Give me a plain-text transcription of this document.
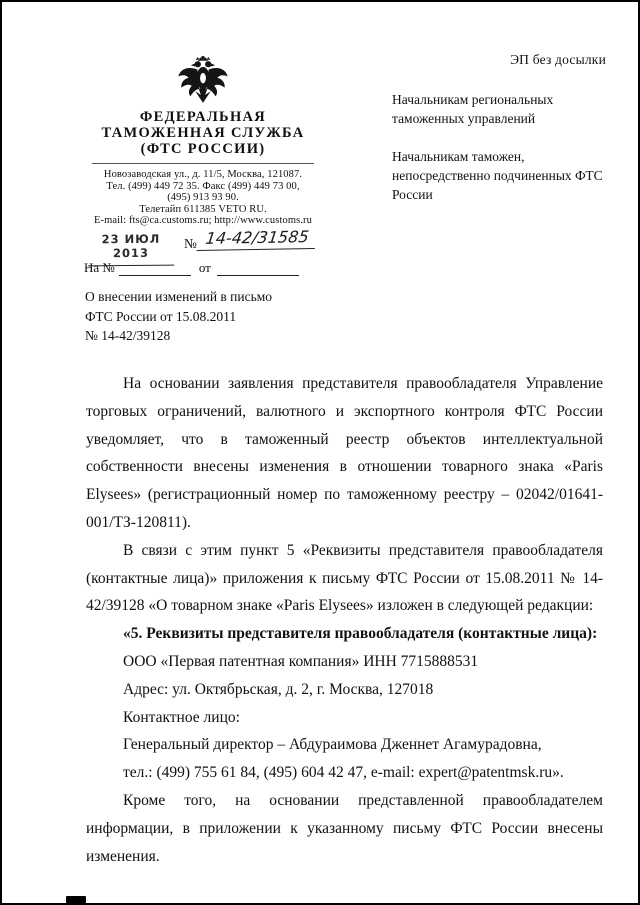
ЭП без досылки
ФЕДЕРАЛЬНАЯ
ТАМОЖЕННАЯ СЛУЖБА
(ФТС РОССИИ)
Новозаводская ул., д. 11/5, Москва, 121087.
Тел. (499) 449 72 35. Факс (499) 449 73 00,
(495) 913 93 90.
Телетайп 611385 VETO RU.
E-mail: fts@ca.customs.ru; http://www.customs.ru
23 ИЮЛ 2013
№ 14-42/31585
На №	от
Начальникам региональных таможенных управлений
Начальникам таможен, непосредственно подчиненных ФТС России
О внесении изменений в письмо
ФТС России от 15.08.2011
№ 14-42/39128

На основании заявления представителя правообладателя Управление торговых ограничений, валютного и экспортного контроля ФТС России уведомляет, что в таможенный реестр объектов интеллектуальной собственности внесены изменения в отношении товарного знака «Paris Elysees» (регистрационный номер по таможенному реестру – 02042/01641-001/ТЗ-120811).

В связи с этим пункт 5 «Реквизиты представителя правообладателя (контактные лица)» приложения к письму ФТС России от 15.08.2011 № 14-42/39128 «О товарном знаке «Paris Elysees» изложен в следующей редакции:

«5. Реквизиты представителя правообладателя (контактные лица):

ООО «Первая патентная компания» ИНН 7715888531

Адрес: ул. Октябрьская, д. 2, г. Москва, 127018

Контактное лицо:

Генеральный директор – Абдураимова Дженнет Агамурадовна,

тел.: (499) 755 61 84, (495) 604 42 47, e-mail: expert@patentmsk.ru».

Кроме того, на основании представленной правообладателем информации, в приложении к указанному письму ФТС России внесены изменения.
